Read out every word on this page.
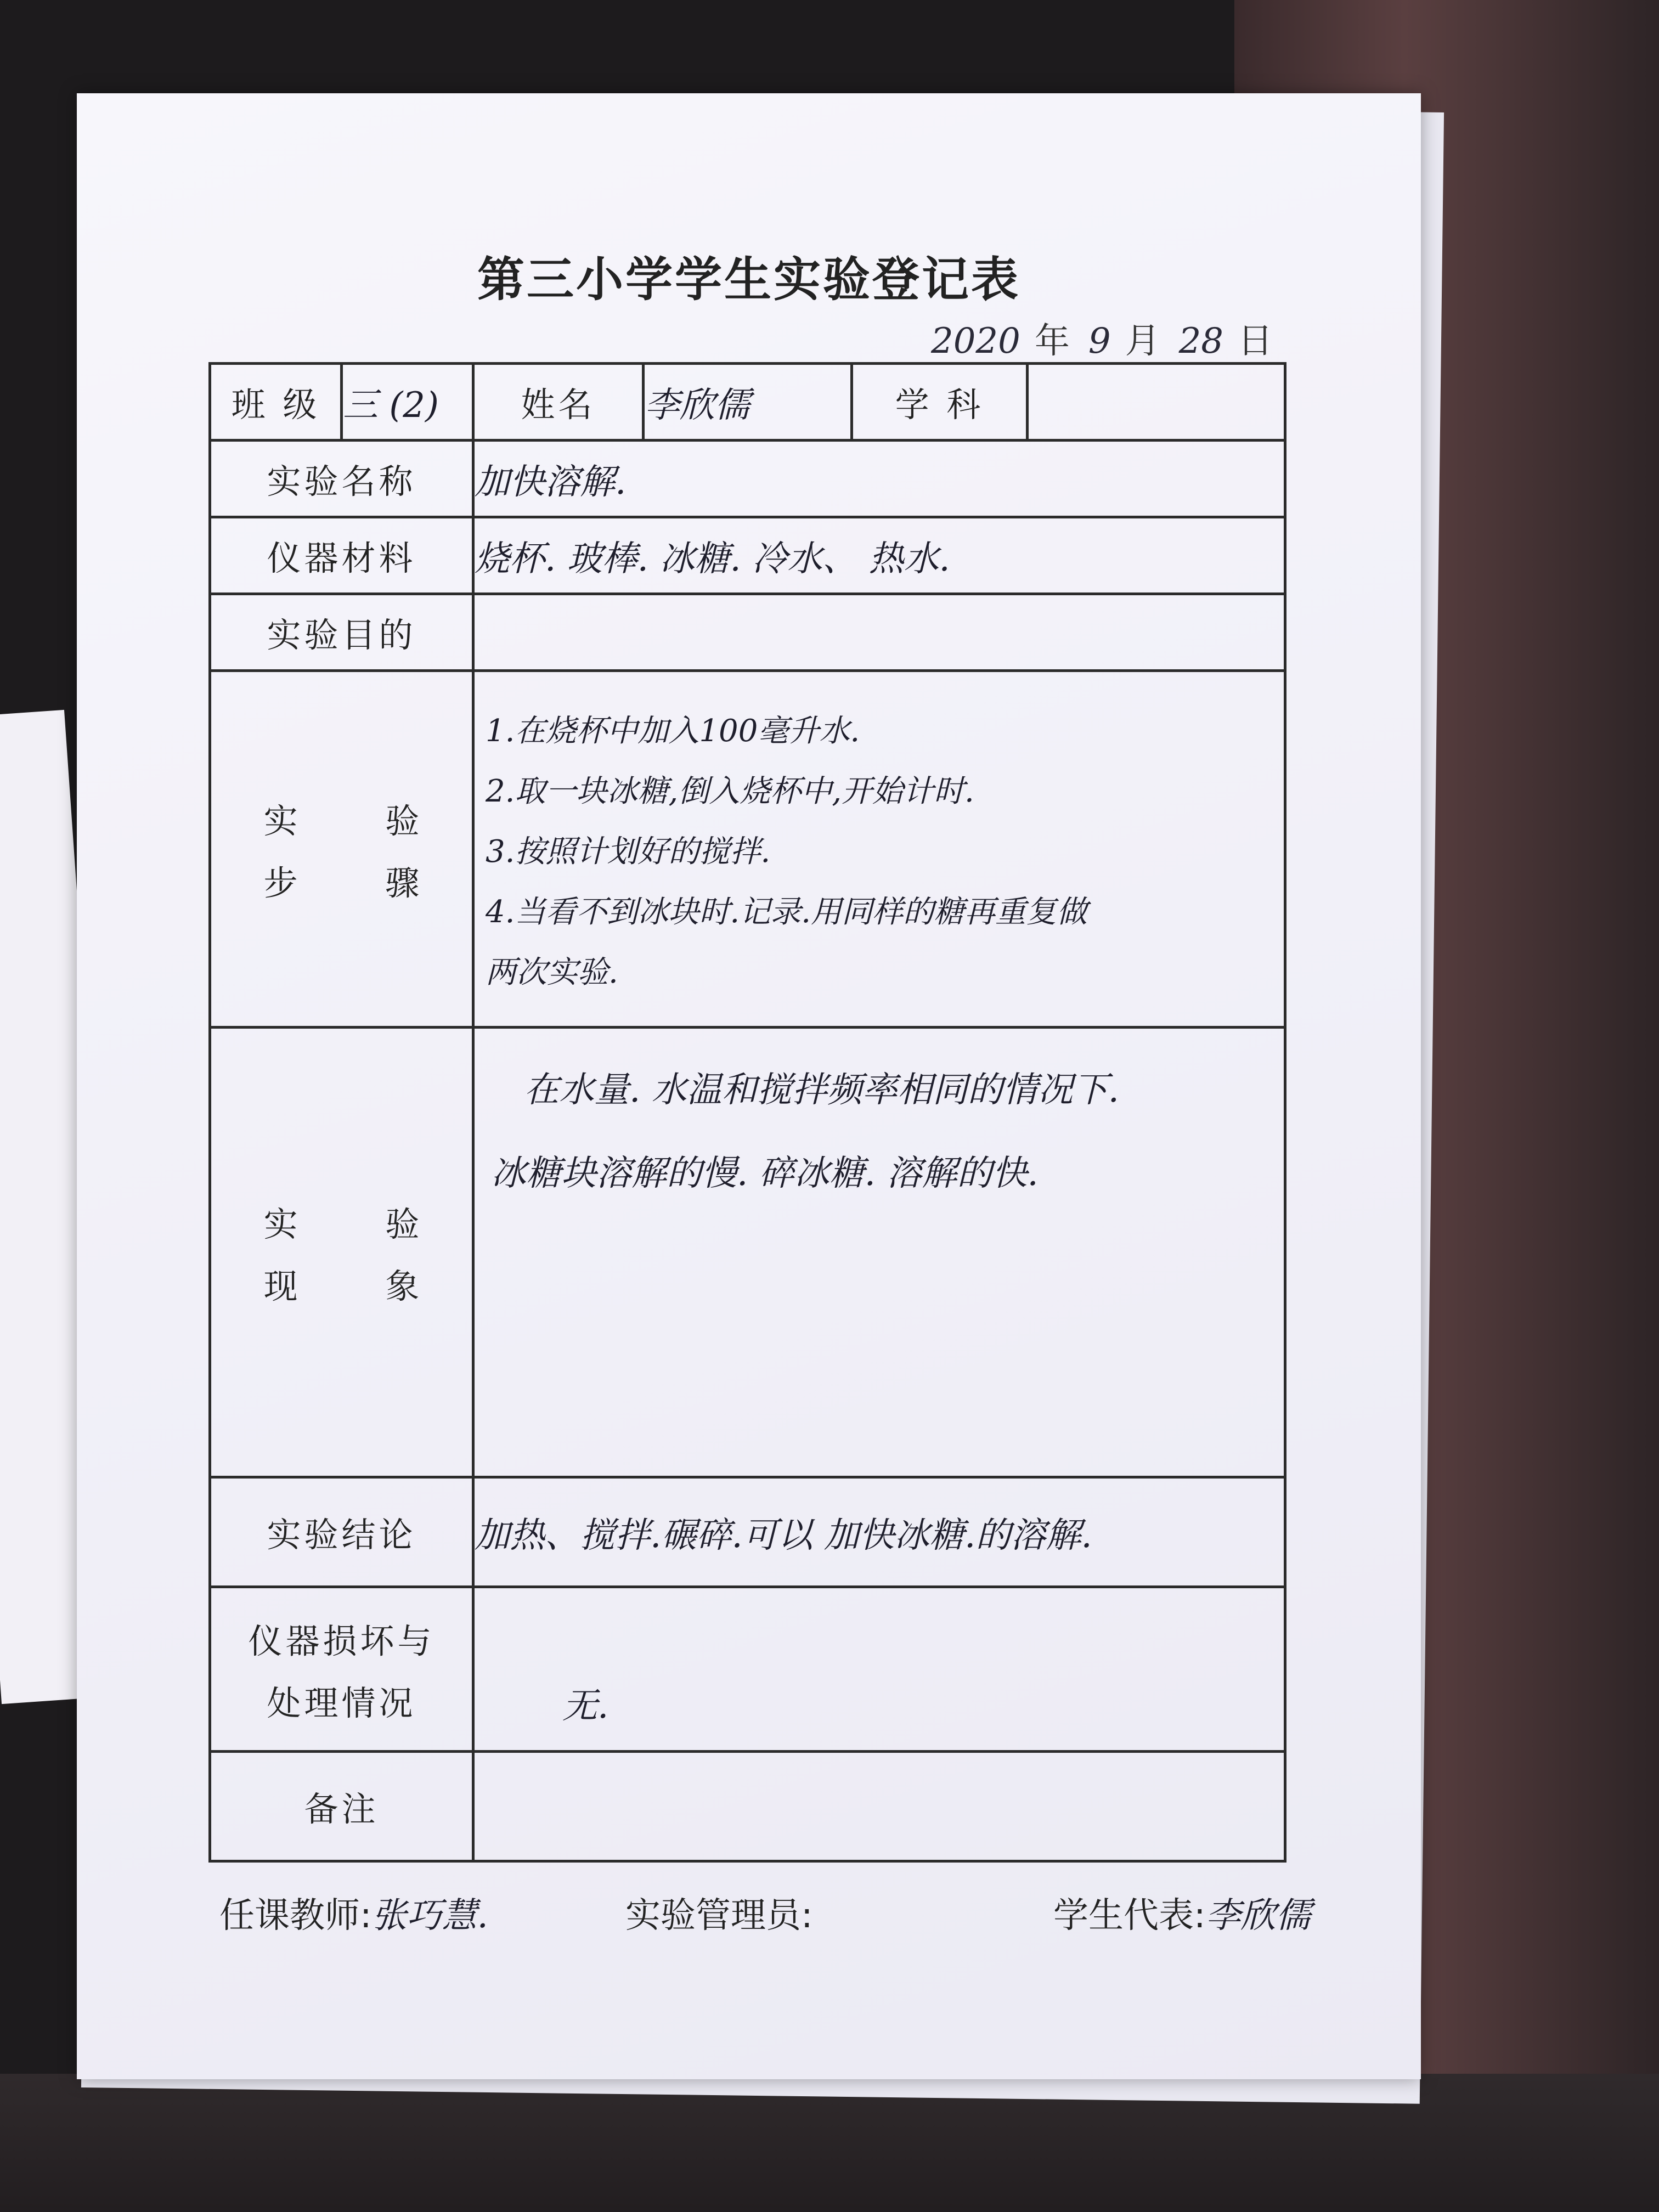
第三小学学生实验登记表
2020 年 9 月 28 日
班 级	三 (2)	姓名	李欣儒	学 科	
实验名称		加快溶解.			
仪器材料		烧杯. 玻棒. 冰糖. 冷水、 热水.			
实验目的					

实 验
步 骤		1.在烧杯中加入100毫升水.
2.取一块冰糖,倒入烧杯中,开始计时.
3.按照计划好的搅拌.
4.当看不到冰块时.记录.用同样的糖再重复做
两次实验.			

实 验
现 象		在水量. 水温和搅拌频率相同的情况下.
冰糖块溶解的慢. 碎冰糖. 溶解的快.			

实验结论		加热、搅拌.碾碎.可以 加快冰糖.的溶解.			

仪器损坏与
处理情况		无.			
备注					
任课教师:张巧慧.	实验管理员:	学生代表:李欣儒
